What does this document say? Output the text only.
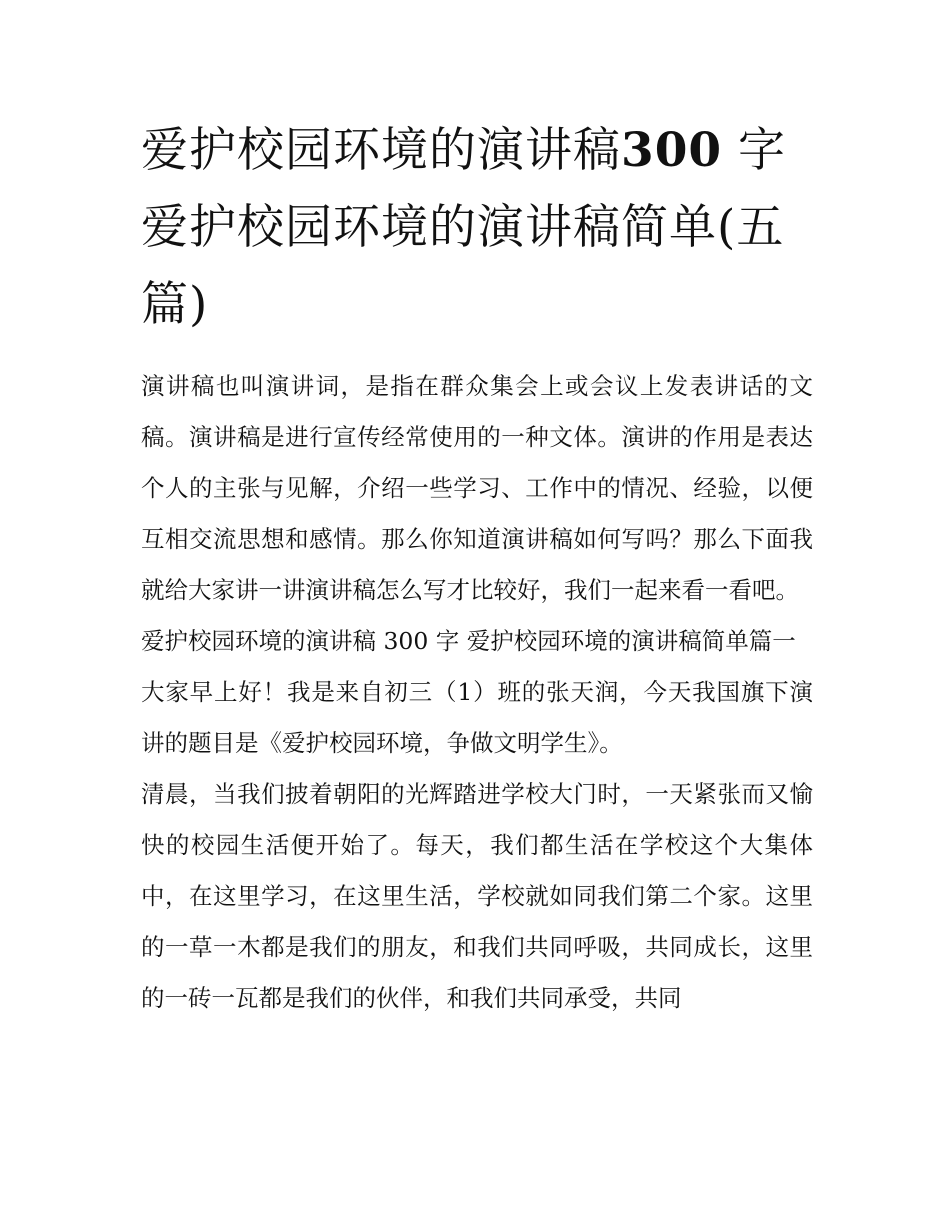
爱护校园环境的演讲稿300 字 爱护校园环境的演讲稿简单(五篇)

演讲稿也叫演讲词，是指在群众集会上或会议上发表讲话的文稿。演讲稿是进行宣传经常使用的一种文体。演讲的作用是表达个人的主张与见解，介绍一些学习、工作中的情况、经验，以便互相交流思想和感情。那么你知道演讲稿如何写吗？那么下面我就给大家讲一讲演讲稿怎么写才比较好，我们一起来看一看吧。

爱护校园环境的演讲稿 300 字 爱护校园环境的演讲稿简单篇一

大家早上好！我是来自初三（1）班的张天润，今天我国旗下演讲的题目是《爱护校园环境，争做文明学生》。

清晨，当我们披着朝阳的光辉踏进学校大门时，一天紧张而又愉快的校园生活便开始了。每天，我们都生活在学校这个大集体中，在这里学习，在这里生活，学校就如同我们第二个家。这里的一草一木都是我们的朋友，和我们共同呼吸，共同成长，这里的一砖一瓦都是我们的伙伴，和我们共同承受，共同
